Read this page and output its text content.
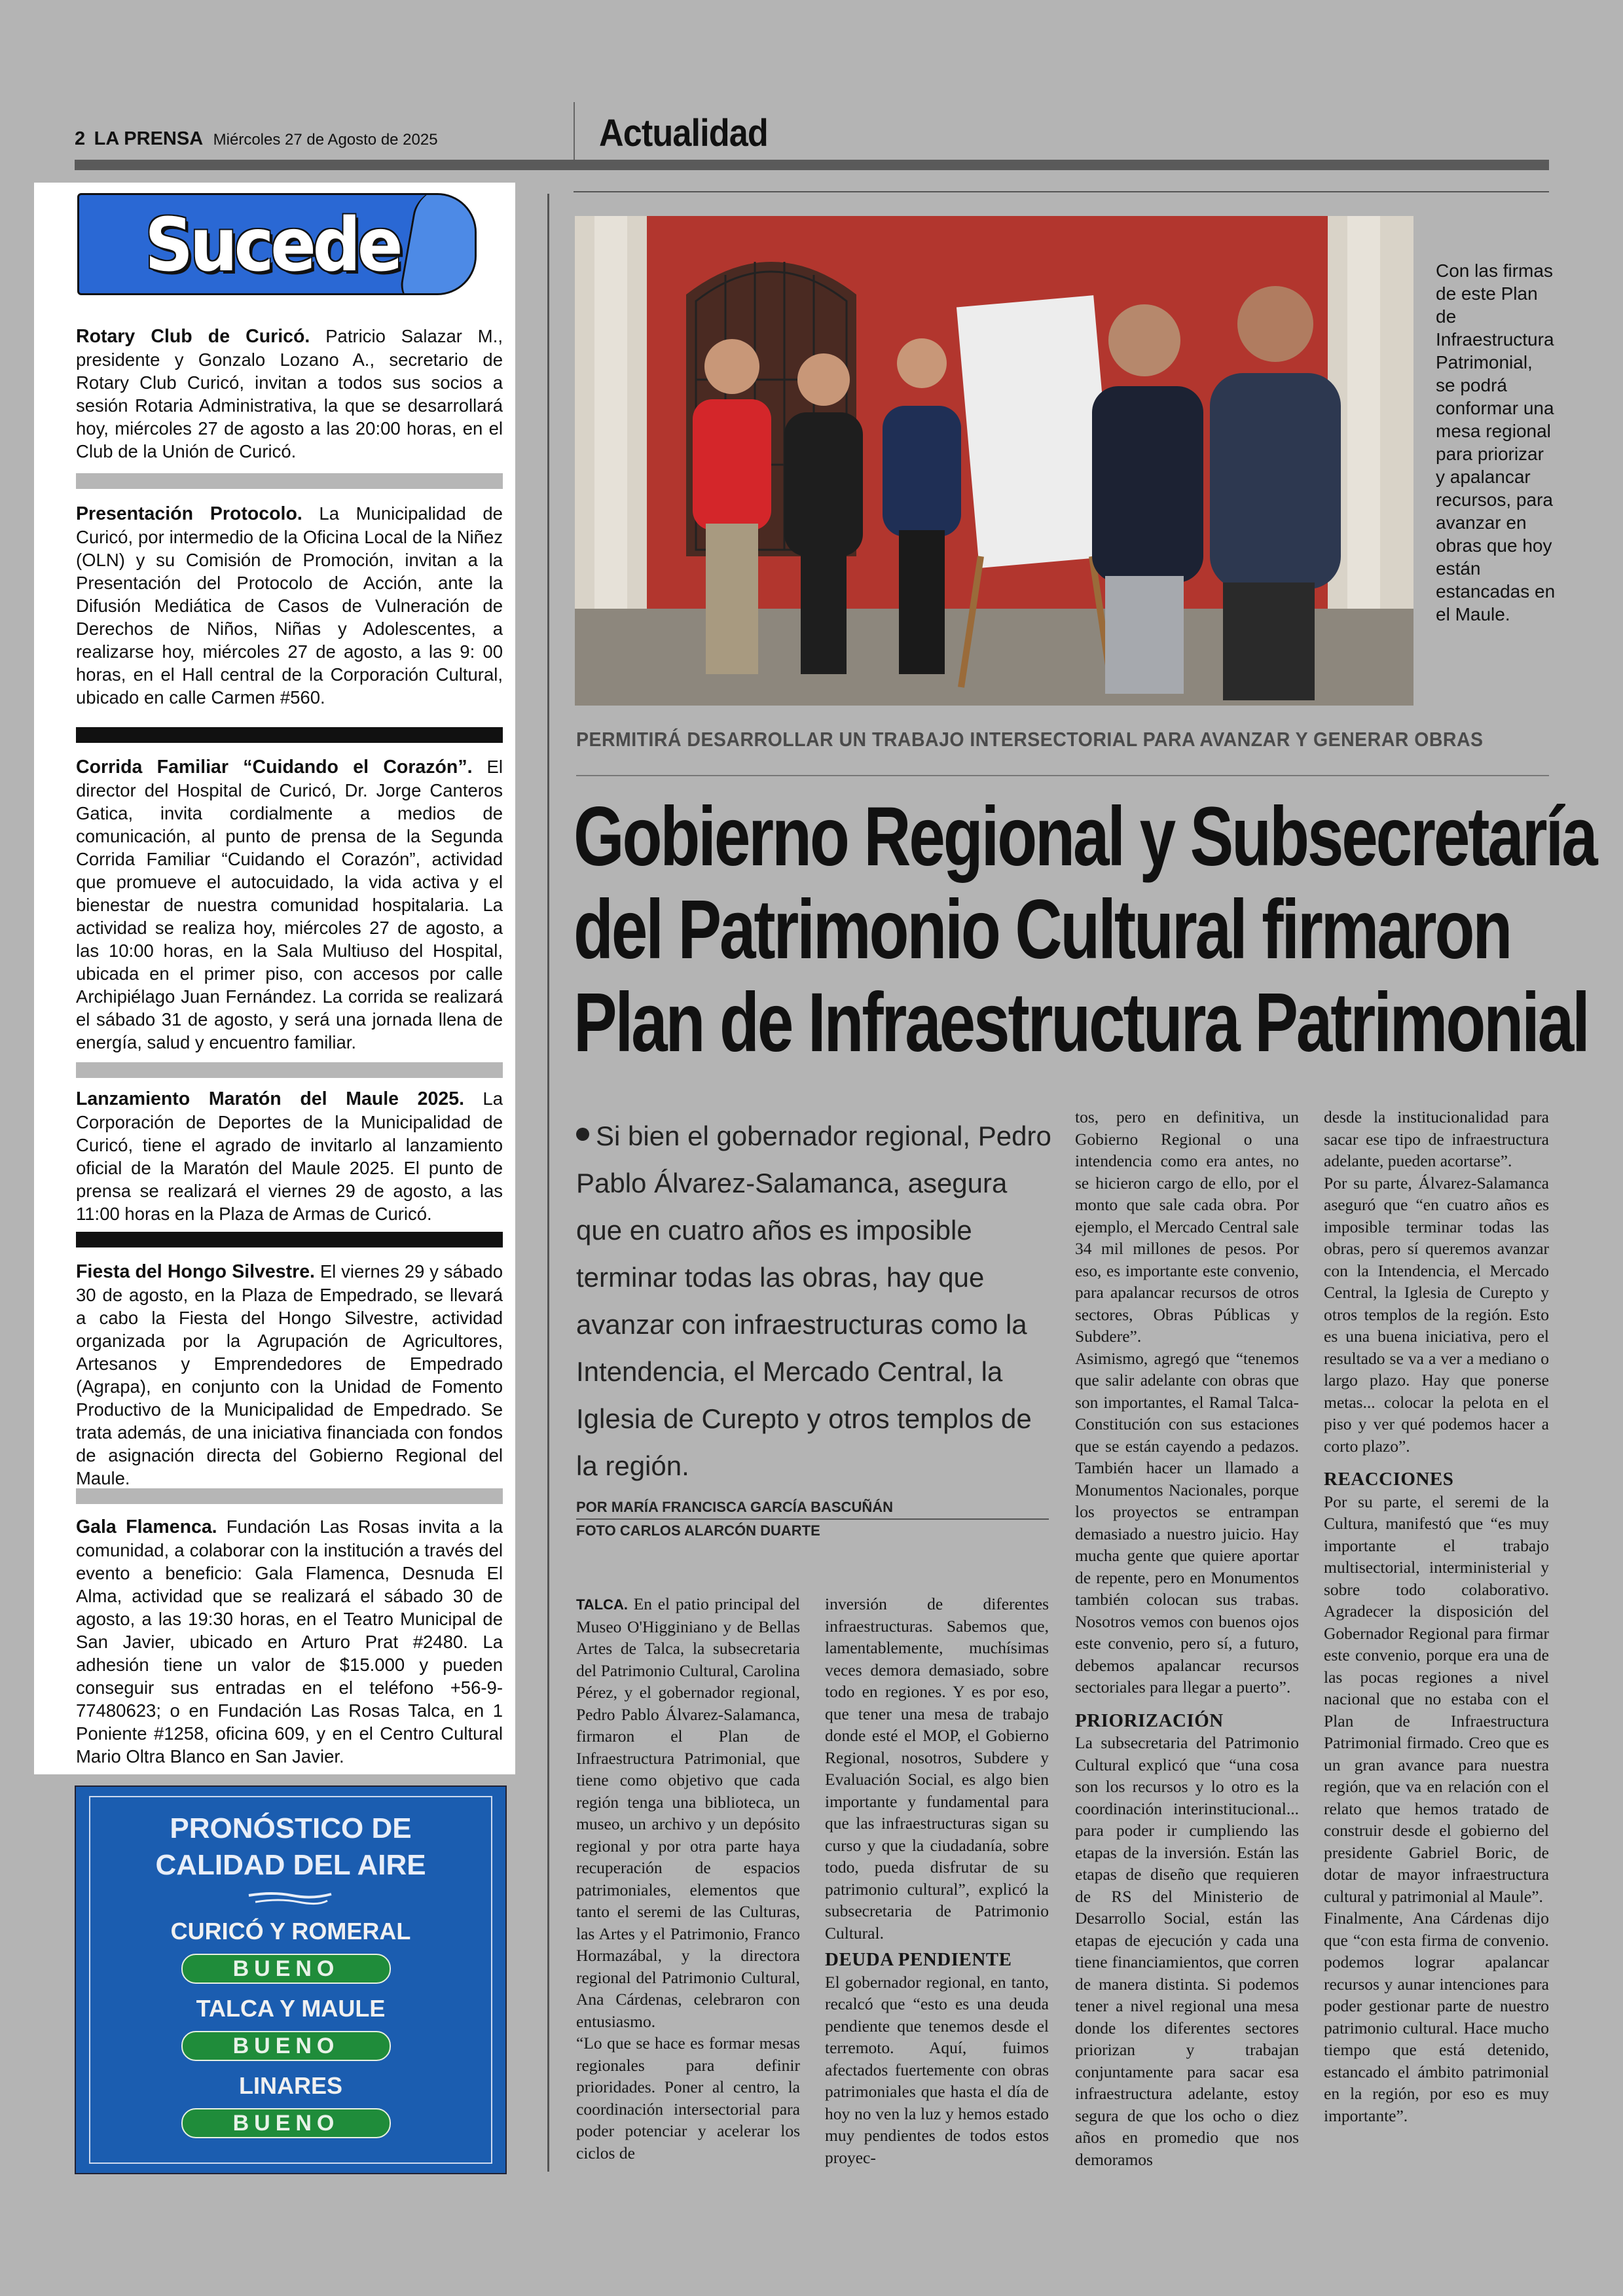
2 LA PRENSA Miércoles 27 de Agosto de 2025	Actualidad
Sucede
Rotary Club de Curicó. Patricio Salazar M., presidente y Gonzalo Lozano A., secretario de Rotary Club Curicó, invitan a todos sus socios a sesión Rotaria Administrativa, la que se desarrollará hoy, miércoles 27 de agosto a las 20:00 horas, en el Club de la Unión de Curicó.
Presentación Protocolo. La Municipalidad de Curicó, por intermedio de la Oficina Local de la Niñez (OLN) y su Comisión de Promoción, invitan a la Presentación del Protocolo de Acción, ante la Difusión Mediática de Casos de Vulneración de Derechos de Niños, Niñas y Adolescentes, a realizarse hoy, miércoles 27 de agosto, a las 9: 00 horas, en el Hall central de la Corporación Cultural, ubicado en calle Carmen #560.
Corrida Familiar “Cuidando el Corazón”. El director del Hospital de Curicó, Dr. Jorge Canteros Gatica, invita cordialmente a medios de comunicación, al punto de prensa de la Segunda Corrida Familiar “Cuidando el Corazón”, actividad que promueve el autocuidado, la vida activa y el bienestar de nuestra comunidad hospitalaria. La actividad se realiza hoy, miércoles 27 de agosto, a las 10:00 horas, en la Sala Multiuso del Hospital, ubicada en el primer piso, con accesos por calle Archipiélago Juan Fernández. La corrida se realizará el sábado 31 de agosto, y será una jornada llena de energía, salud y encuentro familiar.
Lanzamiento Maratón del Maule 2025. La Corporación de Deportes de la Municipalidad de Curicó, tiene el agrado de invitarlo al lanzamiento oficial de la Maratón del Maule 2025. El punto de prensa se realizará el viernes 29 de agosto, a las 11:00 horas en la Plaza de Armas de Curicó.
Fiesta del Hongo Silvestre. El viernes 29 y sábado 30 de agosto, en la Plaza de Empedrado, se llevará a cabo la Fiesta del Hongo Silvestre, actividad organizada por la Agrupación de Agricultores, Artesanos y Emprendedores de Empedrado (Agrapa), en conjunto con la Unidad de Fomento Productivo de la Municipalidad de Empedrado. Se trata además, de una iniciativa financiada con fondos de asignación directa del Gobierno Regional del Maule.
Gala Flamenca. Fundación Las Rosas invita a la comunidad, a colaborar con la institución a través del evento a beneficio: Gala Flamenca, Desnuda El Alma, actividad que se realizará el sábado 30 de agosto, a las 19:30 horas, en el Teatro Municipal de San Javier, ubicado en Arturo Prat #2480. La adhesión tiene un valor de $15.000 y pueden conseguir sus entradas en el teléfono +56-9-77480623; o en Fundación Las Rosas Talca, en 1 Poniente #1258, oficina 609, y en el Centro Cultural Mario Oltra Blanco en San Javier.
PRONÓSTICO DE
CALIDAD DEL AIRE
CURICÓ Y ROMERAL
BUENO
TALCA Y MAULE
BUENO
LINARES
BUENO
Con las firmas de este Plan de Infraestructura Patrimonial, se podrá conformar una mesa regional para priorizar y apalancar recursos, para avanzar en obras que hoy están estancadas en el Maule.
PERMITIRÁ DESARROLLAR UN TRABAJO INTERSECTORIAL PARA AVANZAR Y GENERAR OBRAS
Gobierno Regional y Subsecretaría
del Patrimonio Cultural firmaron
Plan de Infraestructura Patrimonial
Si bien el gobernador regional, Pedro Pablo Álvarez-Salamanca, asegura que en cuatro años es imposible terminar todas las obras, hay que avanzar con infraestructuras como la Intendencia, el Mercado Central, la Iglesia de Curepto y otros templos de la región.
POR MARÍA FRANCISCA GARCÍA BASCUÑÁN
FOTO CARLOS ALARCÓN DUARTE

TALCA. En el patio principal del Museo O'Higginiano y de Bellas Artes de Talca, la subsecretaria del Patrimonio Cultural, Carolina Pérez, y el gobernador regional, Pedro Pablo Álvarez-Salamanca, firmaron el Plan de Infraestructura Patrimonial, que tiene como objetivo que cada región tenga una biblioteca, un museo, un archivo y un depósito regional y por otra parte haya recuperación de espacios patrimoniales, elementos que tanto el seremi de las Culturas, las Artes y el Patrimonio, Franco Hormazábal, y la directora regional del Patrimonio Cultural, Ana Cárdenas, celebraron con entusiasmo.

“Lo que se hace es formar mesas regionales para definir prioridades. Poner al centro, la coordinación intersectorial para poder potenciar y acelerar los ciclos de

inversión de diferentes infraestructuras. Sabemos que, lamentablemente, muchísimas veces demora demasiado, sobre todo en regiones. Y es por eso, que tener una mesa de trabajo donde esté el MOP, el Gobierno Regional, nosotros, Subdere y Evaluación Social, es algo bien importante y fundamental para que las infraestructuras sigan su curso y que la ciudadanía, sobre todo, pueda disfrutar de su patrimonio cultural”, explicó la subsecretaria de Patrimonio Cultural.

DEUDA PENDIENTE

El gobernador regional, en tanto, recalcó que “esto es una deuda pendiente que tenemos desde el terremoto. Aquí, fuimos afectados fuertemente con obras patrimoniales que hasta el día de hoy no ven la luz y hemos estado muy pendientes de todos estos proyec-

tos, pero en definitiva, un Gobierno Regional o una intendencia como era antes, no se hicieron cargo de ello, por el monto que sale cada obra. Por ejemplo, el Mercado Central sale 34 mil millones de pesos. Por eso, es importante este convenio, para apalancar recursos de otros sectores, Obras Públicas y Subdere”.

Asimismo, agregó que “tenemos que salir adelante con obras que son importantes, el Ramal Talca-Constitución con sus estaciones que se están cayendo a pedazos. También hacer un llamado a Monumentos Nacionales, porque los proyectos se entrampan demasiado a nuestro juicio. Hay mucha gente que quiere aportar de repente, pero en Monumentos también colocan sus trabas. Nosotros vemos con buenos ojos este convenio, pero sí, a futuro, debemos apalancar recursos sectoriales para llegar a puerto”.

PRIORIZACIÓN

La subsecretaria del Patrimonio Cultural explicó que “una cosa son los recursos y lo otro es la coordinación interinstitucional... para poder ir cumpliendo las etapas de la inversión. Están las etapas de diseño que requieren de RS del Ministerio de Desarrollo Social, están las etapas de ejecución y cada una tiene financiamientos, que corren de manera distinta. Si podemos tener a nivel regional una mesa donde los diferentes sectores priorizan y trabajan conjuntamente para sacar esa infraestructura adelante, estoy segura de que los ocho o diez años en promedio que nos demoramos

desde la institucionalidad para sacar ese tipo de infraestructura adelante, pueden acortarse”.

Por su parte, Álvarez-Salamanca aseguró que “en cuatro años es imposible terminar todas las obras, pero sí queremos avanzar con la Intendencia, el Mercado Central, la Iglesia de Curepto y otros templos de la región. Esto es una buena iniciativa, pero el resultado se va a ver a mediano o largo plazo. Hay que ponerse metas... colocar la pelota en el piso y ver qué podemos hacer a corto plazo”.

REACCIONES

Por su parte, el seremi de la Cultura, manifestó que “es muy importante el trabajo multisectorial, interministerial y sobre todo colaborativo. Agradecer la disposición del Gobernador Regional para firmar este convenio, porque era una de las pocas regiones a nivel nacional que no estaba con el Plan de Infraestructura Patrimonial firmado. Creo que es un gran avance para nuestra región, que va en relación con el relato que hemos tratado de construir desde el gobierno del presidente Gabriel Boric, de dotar de mayor infraestructura cultural y patrimonial al Maule”.

Finalmente, Ana Cárdenas dijo que “con esta firma de convenio. podemos lograr apalancar recursos y aunar intenciones para poder gestionar parte de nuestro patrimonio cultural. Hace mucho tiempo que está detenido, estancado el ámbito patrimonial en la región, por eso es muy importante”.
